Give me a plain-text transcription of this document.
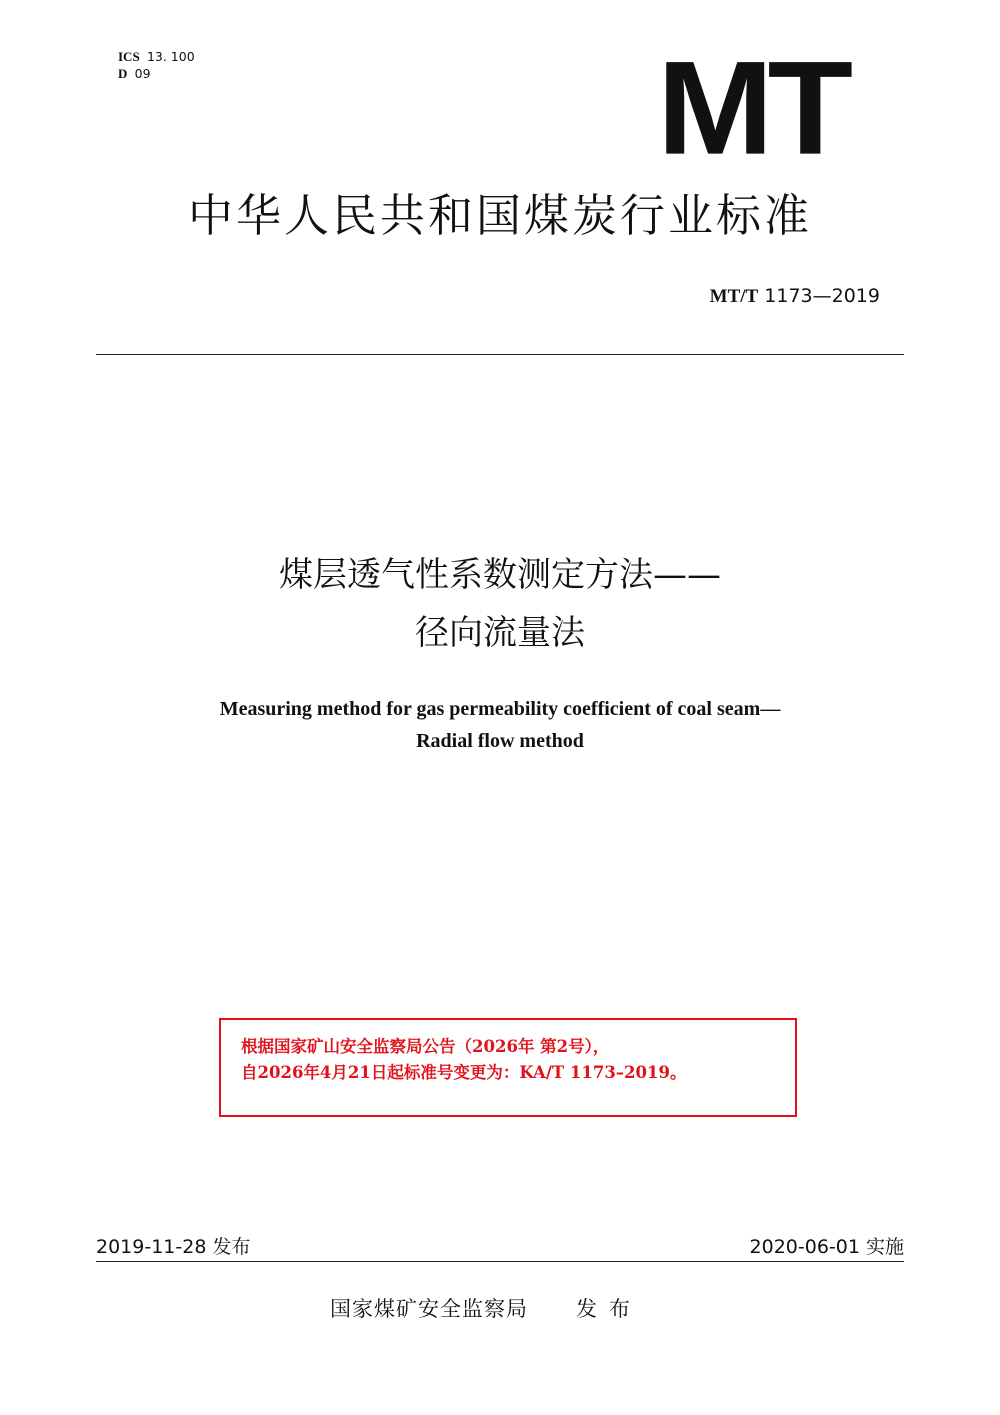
ICS 13. 100
D 09	MT
中华人民共和国煤炭行业标准
MT/T 1173—2019
煤层透气性系数测定方法——
径向流量法
Measuring method for gas permeability coefficient of coal seam—
Radial flow method
根据国家矿山安全监察局公告（2026年 第2号），
自2026年4月21日起标准号变更为：KA/T 1173–2019。
2019-11-28 发布	2020-06-01 实施
国家煤矿安全监察局 发布
